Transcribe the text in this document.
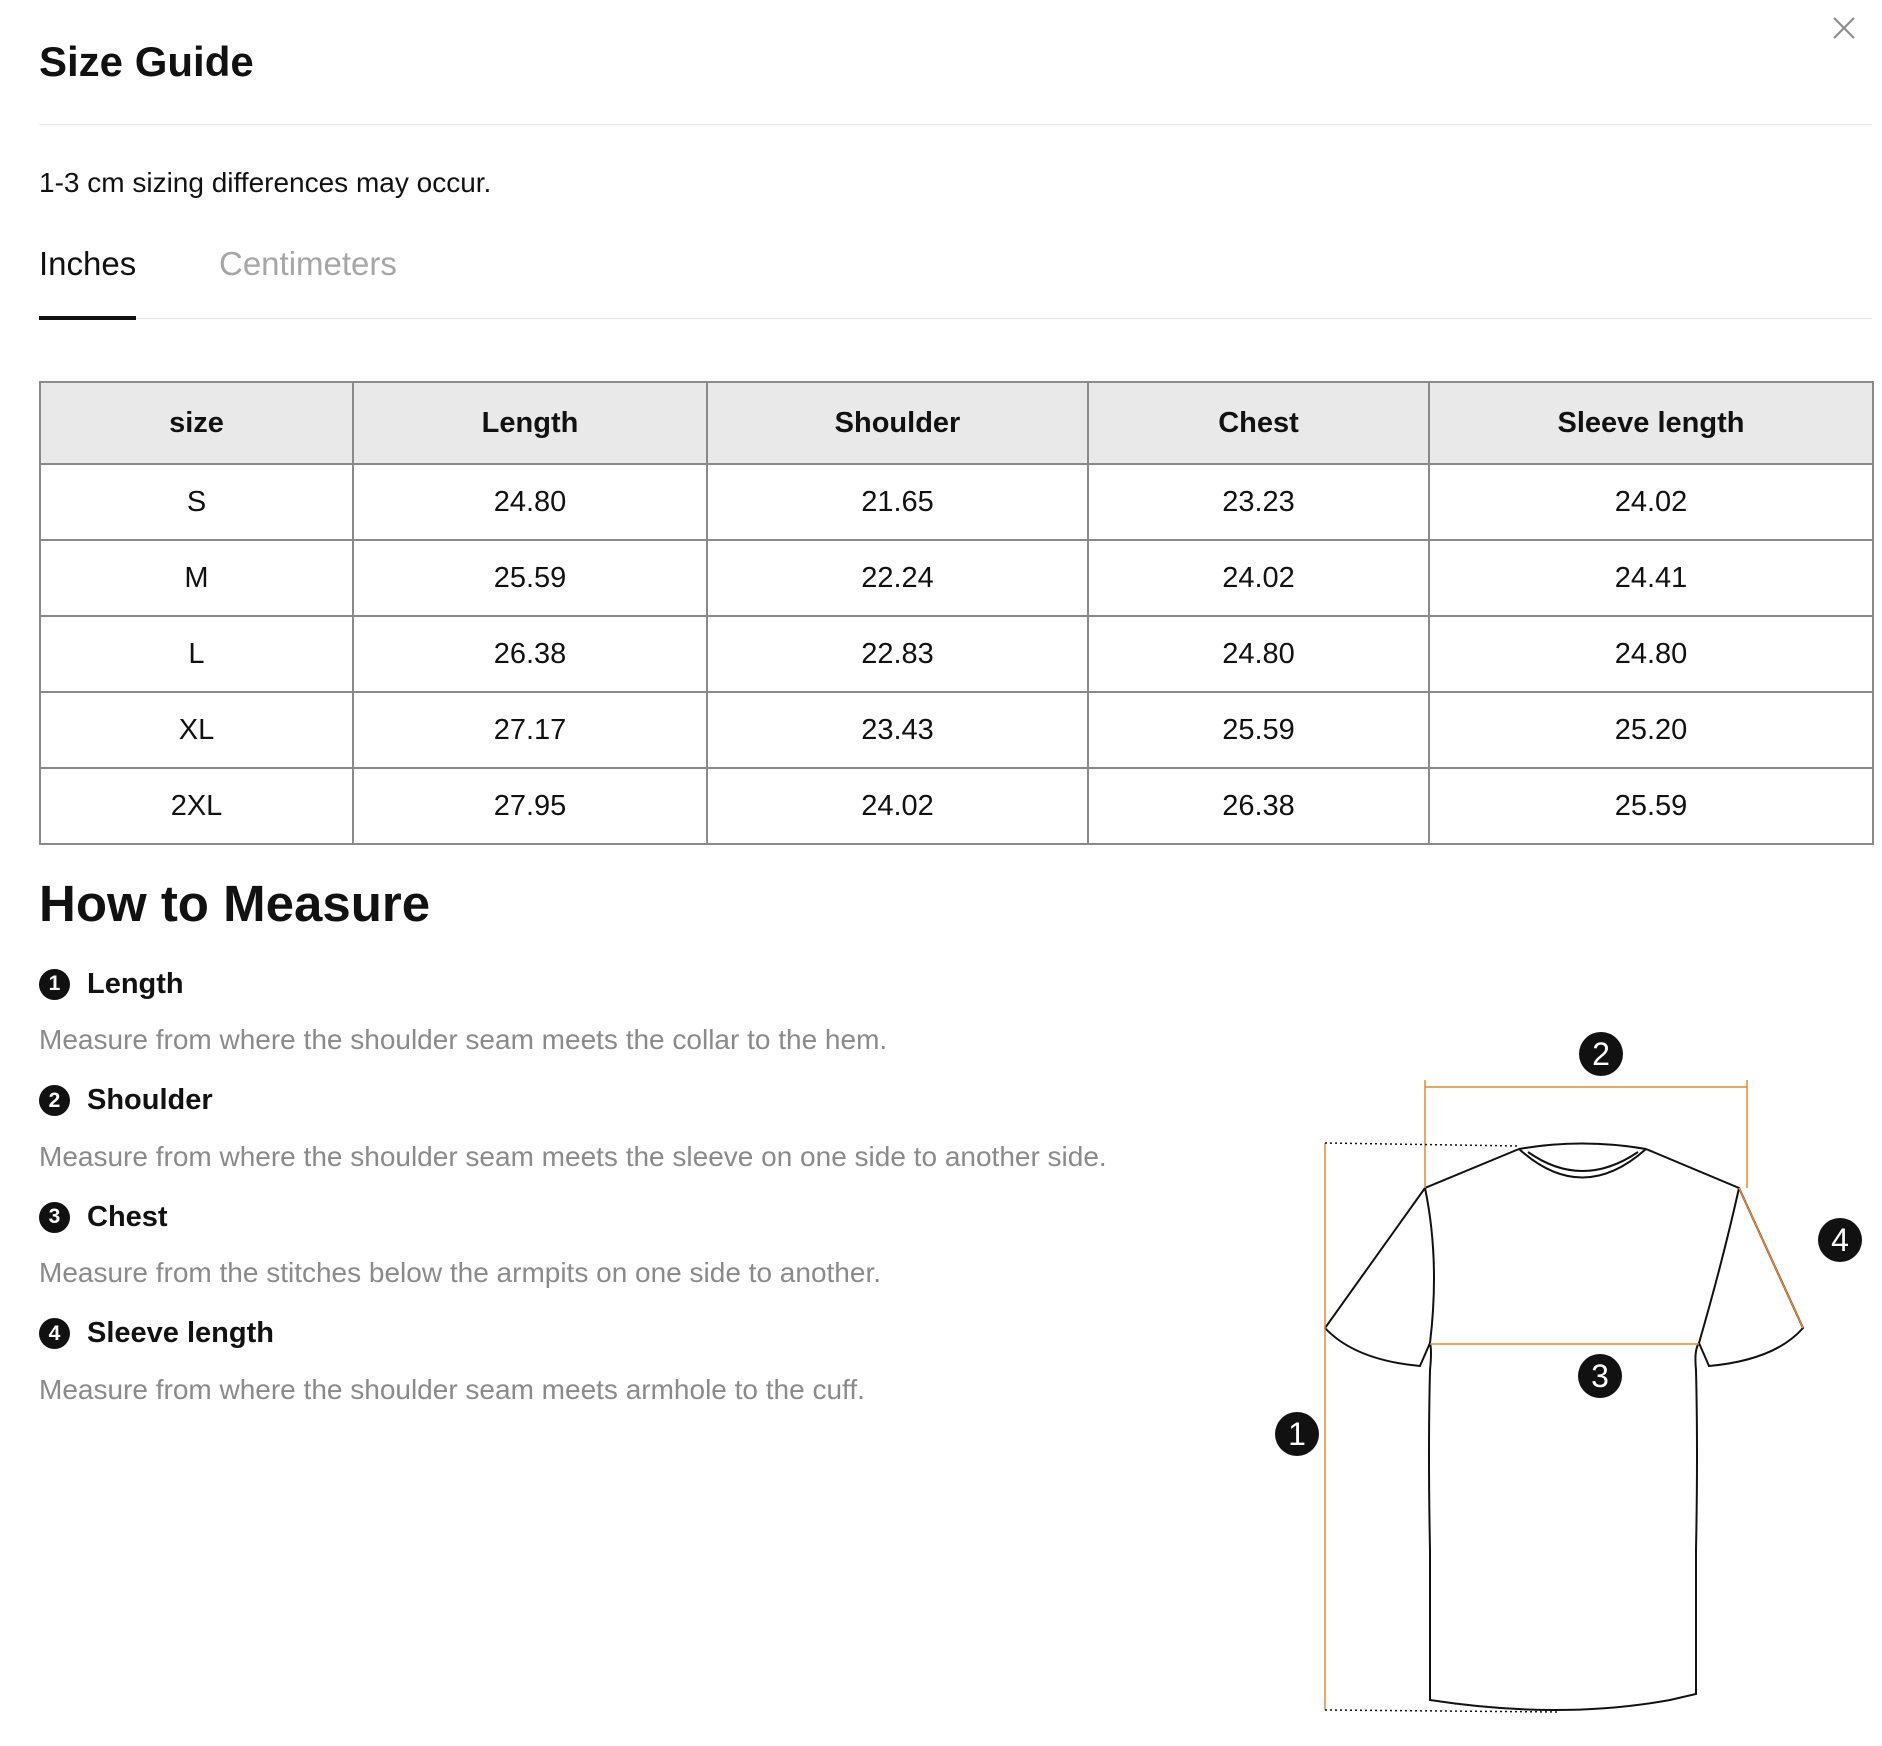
Size Guide
1-3 cm sizing differences may occur.
Inches	Centimeters
size	Length	Shoulder	Chest	Sleeve length
S	24.80	21.65	23.23	24.02
M	25.59	22.24	24.02	24.41
L	26.38	22.83	24.80	24.80
XL	27.17	23.43	25.59	25.20
2XL	27.95	24.02	26.38	25.59
How to Measure
1 Length
Measure from where the shoulder seam meets the collar to the hem.
2 Shoulder
Measure from where the shoulder seam meets the sleeve on one side to another side.
3 Chest
Measure from the stitches below the armpits on one side to another.
4 Sleeve length
Measure from where the shoulder seam meets armhole to the cuff.
1
2
3
4
